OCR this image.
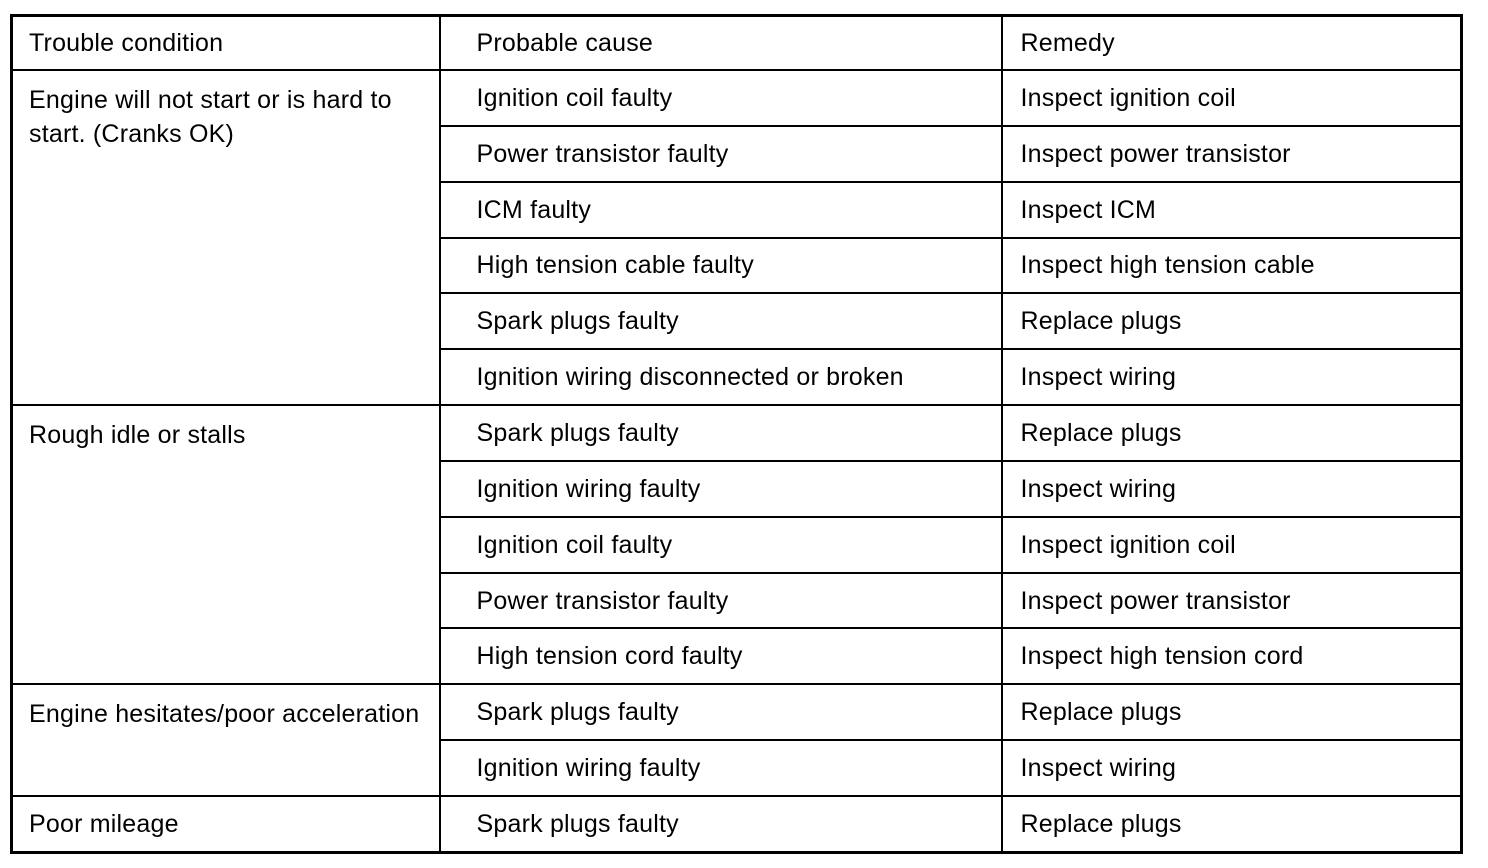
Trouble condition	Probable cause	Remedy
Engine will not start or is hard to start. (Cranks OK)	Ignition coil faulty	Inspect ignition coil
	Power transistor faulty	Inspect power transistor
	ICM faulty	Inspect ICM
	High tension cable faulty	Inspect high tension cable
	Spark plugs faulty	Replace plugs
	Ignition wiring disconnected or broken	Inspect wiring
Rough idle or stalls	Spark plugs faulty	Replace plugs
	Ignition wiring faulty	Inspect wiring
	Ignition coil faulty	Inspect ignition coil
	Power transistor faulty	Inspect power transistor
	High tension cord faulty	Inspect high tension cord
Engine hesitates/poor acceleration	Spark plugs faulty	Replace plugs
	Ignition wiring faulty	Inspect wiring
Poor mileage	Spark plugs faulty	Replace plugs
